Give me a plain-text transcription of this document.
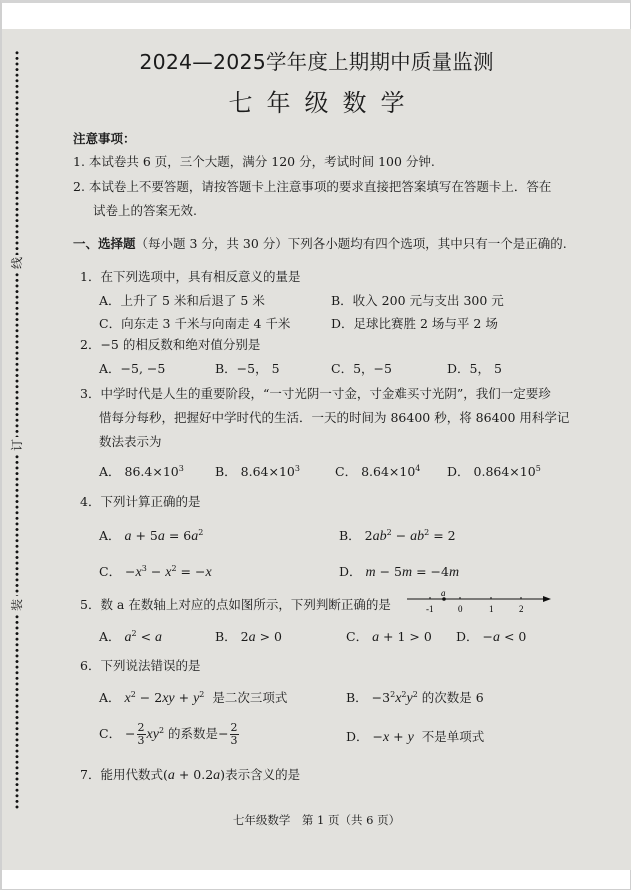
线
订
装
2024—2025学年度上期期中质量监测
七年级数学
注意事项：
1. 本试卷共 6 页，三个大题，满分 120 分，考试时间 100 分钟.
2. 本试卷上不要答题，请按答题卡上注意事项的要求直接把答案填写在答题卡上．答在
试卷上的答案无效.
一、选择题（每小题 3 分，共 30 分）下列各小题均有四个选项，其中只有一个是正确的.
1．在下列选项中，具有相反意义的量是
A．上升了 5 米和后退了 5 米	B．收入 200 元与支出 300 元
C．向东走 3 千米与向南走 4 千米	D．足球比赛胜 2 场与平 2 场
2．−5 的相反数和绝对值分别是
A．−5, −5	B．−5， 5	C．5，−5	D．5， 5
3．中学时代是人生的重要阶段，“一寸光阴一寸金，寸金难买寸光阴”，我们一定要珍
惜每分每秒，把握好中学时代的生活．一天的时间为 86400 秒，将 86400 用科学记
数法表示为
A． $86.4\times 10^3$ B． $8.64\times 10^3$	C． $8.64\times 10^4$ D． $0.864\times 10^5$
4．下列计算正确的是
A． $a + 5a = 6a^2$	B． $2ab^2 - ab^2 = 2$
C． $-x^3 - x^2 = -x$	D． m − 5m = −4m
5．数 a 在数轴上对应的点如图所示，下列判断正确的是
a
-1	0	1	2
A． $a^2 < a$	B． 2a > 0	C． a + 1 > 0 D． −a < 0
6．下列说法错误的是
A． $x^2 - 2xy + y^2$ 是二次三项式	B． $-3^2x^2y^2$ 的次数是 6
C． − $\frac{2}{3} xy^2$ 的系数是− $\frac{2}{3}$	D． −x + y 不是单项式
7．能用代数式(a + 0.2a)表示含义的是
七年级数学　第 1 页（共 6 页）
